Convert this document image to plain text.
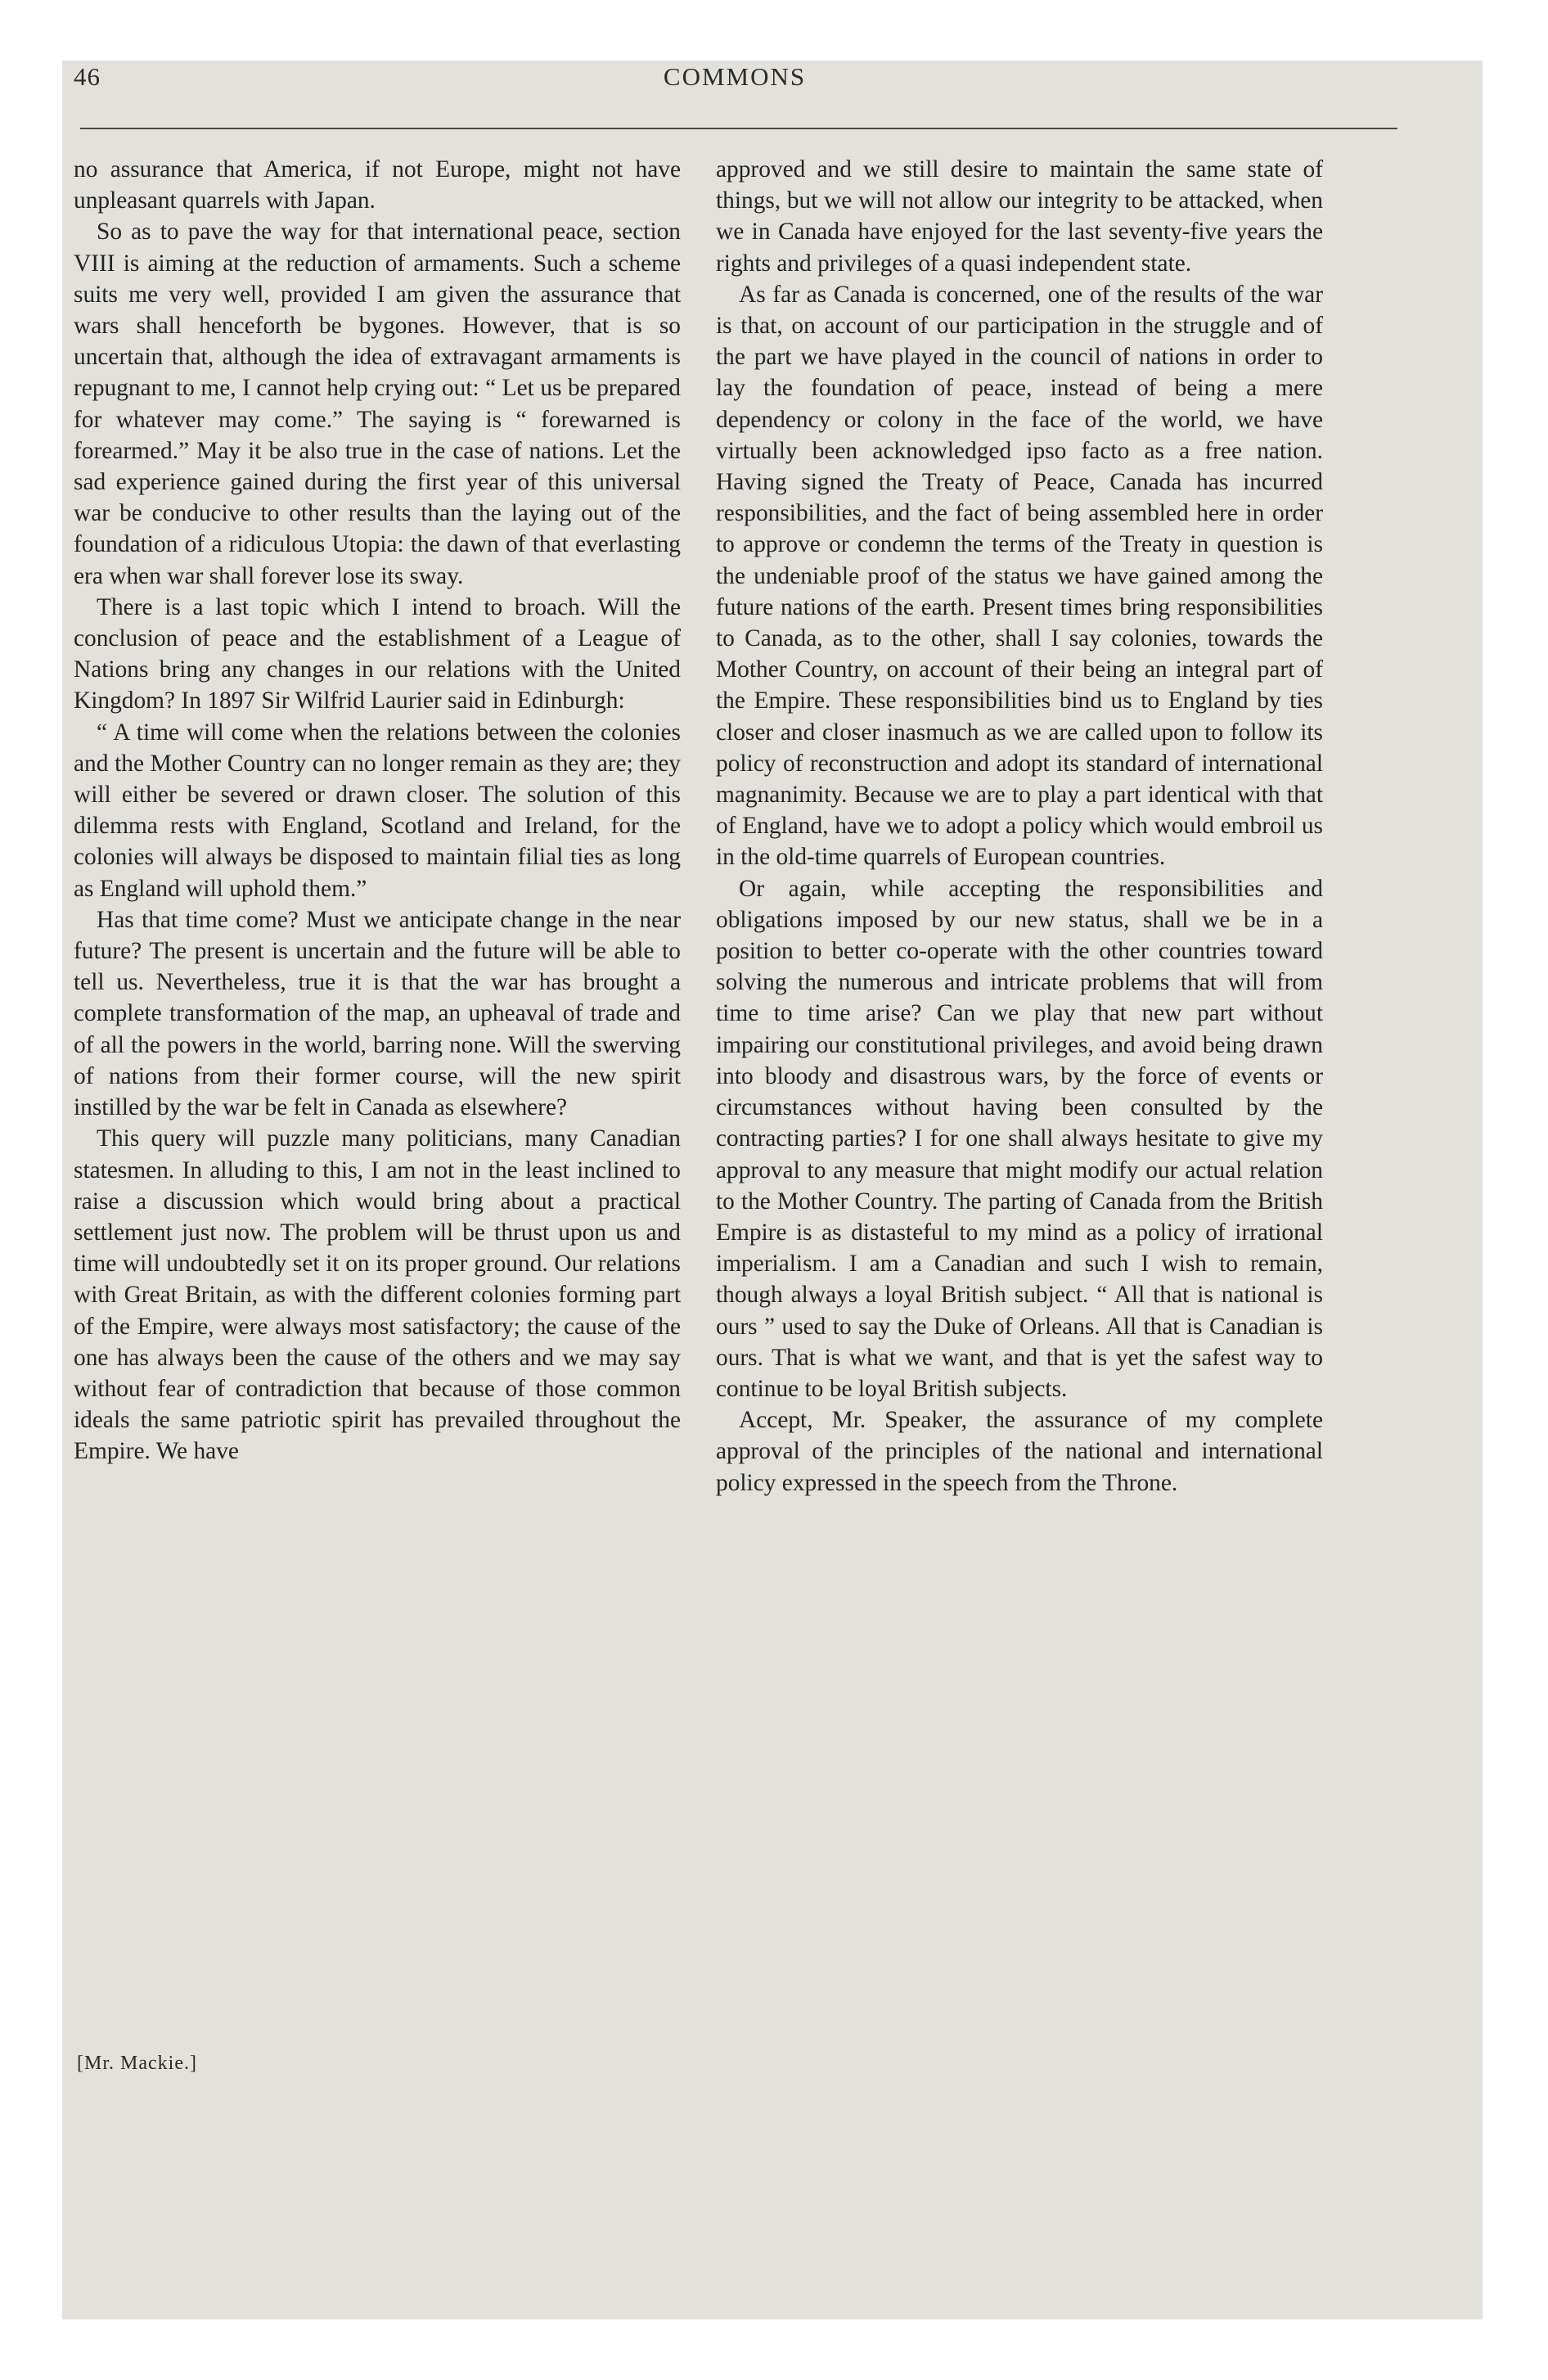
46	COMMONS

no assurance that America, if not Europe, might not have unpleasant quarrels with Japan.

So as to pave the way for that international peace, section VIII is aiming at the reduction of armaments. Such a scheme suits me very well, provided I am given the assurance that wars shall henceforth be bygones. However, that is so uncertain that, although the idea of extravagant armaments is repugnant to me, I cannot help crying out: “ Let us be prepared for whatever may come.” The saying is “ forewarned is forearmed.” May it be also true in the case of nations. Let the sad experience gained during the first year of this universal war be conducive to other results than the laying out of the foundation of a ridiculous Utopia: the dawn of that everlasting era when war shall forever lose its sway.

There is a last topic which I intend to broach. Will the conclusion of peace and the establishment of a League of Nations bring any changes in our relations with the United Kingdom? In 1897 Sir Wilfrid Laurier said in Edinburgh:

“ A time will come when the relations between the colonies and the Mother Country can no longer remain as they are; they will either be severed or drawn closer. The solution of this dilemma rests with England, Scotland and Ireland, for the colonies will always be disposed to maintain filial ties as long as England will uphold them.”

Has that time come? Must we anticipate change in the near future? The present is uncertain and the future will be able to tell us. Nevertheless, true it is that the war has brought a complete transformation of the map, an upheaval of trade and of all the powers in the world, barring none. Will the swerving of nations from their former course, will the new spirit instilled by the war be felt in Canada as elsewhere?

This query will puzzle many politicians, many Canadian statesmen. In alluding to this, I am not in the least inclined to raise a discussion which would bring about a practical settlement just now. The problem will be thrust upon us and time will undoubtedly set it on its proper ground. Our relations with Great Britain, as with the different colonies forming part of the Empire, were always most satisfactory; the cause of the one has always been the cause of the others and we may say without fear of contradiction that because of those common ideals the same patriotic spirit has prevailed throughout the Empire. We have

approved and we still desire to maintain the same state of things, but we will not allow our integrity to be attacked, when we in Canada have enjoyed for the last seventy-five years the rights and privileges of a quasi independent state.

As far as Canada is concerned, one of the results of the war is that, on account of our participation in the struggle and of the part we have played in the council of nations in order to lay the foundation of peace, instead of being a mere dependency or colony in the face of the world, we have virtually been acknowledged ipso facto as a free nation. Having signed the Treaty of Peace, Canada has incurred responsibilities, and the fact of being assembled here in order to approve or condemn the terms of the Treaty in question is the undeniable proof of the status we have gained among the future nations of the earth. Present times bring responsibilities to Canada, as to the other, shall I say colonies, towards the Mother Country, on account of their being an integral part of the Empire. These responsibilities bind us to England by ties closer and closer inasmuch as we are called upon to follow its policy of reconstruction and adopt its standard of international magnanimity. Because we are to play a part identical with that of England, have we to adopt a policy which would embroil us in the old-time quarrels of European countries.

Or again, while accepting the responsibilities and obligations imposed by our new status, shall we be in a position to better co-operate with the other countries toward solving the numerous and intricate problems that will from time to time arise? Can we play that new part without impairing our constitutional privileges, and avoid being drawn into bloody and disastrous wars, by the force of events or circumstances without having been consulted by the contracting parties? I for one shall always hesitate to give my approval to any measure that might modify our actual relation to the Mother Country. The parting of Canada from the British Empire is as distasteful to my mind as a policy of irrational imperialism. I am a Canadian and such I wish to remain, though always a loyal British subject. “ All that is national is ours ” used to say the Duke of Orleans. All that is Canadian is ours. That is what we want, and that is yet the safest way to continue to be loyal British subjects.

Accept, Mr. Speaker, the assurance of my complete approval of the principles of the national and international policy expressed in the speech from the Throne.

[Mr. Mackie.]
